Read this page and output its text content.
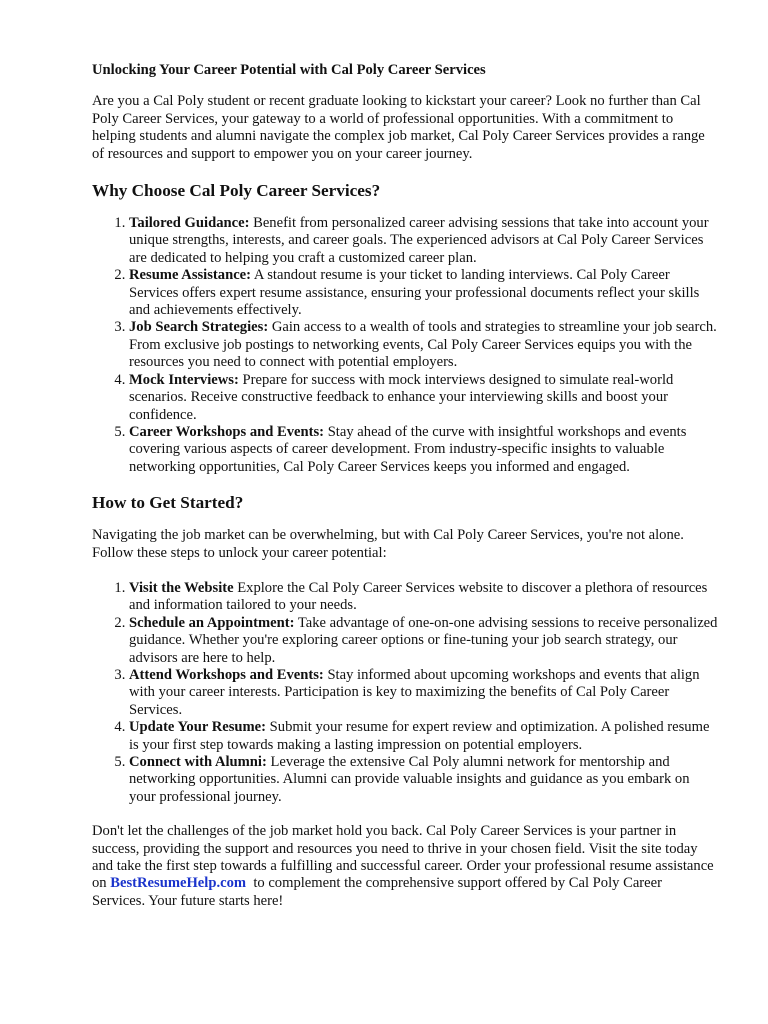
Unlocking Your Career Potential with Cal Poly Career Services

Are you a Cal Poly student or recent graduate looking to kickstart your career? Look no further than Cal Poly Career Services, your gateway to a world of professional opportunities. With a commitment to helping students and alumni navigate the complex job market, Cal Poly Career Services provides a range of resources and support to empower you on your career journey.

Why Choose Cal Poly Career Services?
1. Tailored Guidance: Benefit from personalized career advising sessions that take into account your unique strengths, interests, and career goals. The experienced advisors at Cal Poly Career Services are dedicated to helping you craft a customized career plan.
2. Resume Assistance: A standout resume is your ticket to landing interviews. Cal Poly Career Services offers expert resume assistance, ensuring your professional documents reflect your skills and achievements effectively.
3. Job Search Strategies: Gain access to a wealth of tools and strategies to streamline your job search. From exclusive job postings to networking events, Cal Poly Career Services equips you with the resources you need to connect with potential employers.
4. Mock Interviews: Prepare for success with mock interviews designed to simulate real-world scenarios. Receive constructive feedback to enhance your interviewing skills and boost your confidence.
5. Career Workshops and Events: Stay ahead of the curve with insightful workshops and events covering various aspects of career development. From industry-specific insights to valuable networking opportunities, Cal Poly Career Services keeps you informed and engaged.
How to Get Started?

Navigating the job market can be overwhelming, but with Cal Poly Career Services, you're not alone. Follow these steps to unlock your career potential:

1. Visit the Website Explore the Cal Poly Career Services website to discover a plethora of resources and information tailored to your needs.
2. Schedule an Appointment: Take advantage of one-on-one advising sessions to receive personalized guidance. Whether you're exploring career options or fine-tuning your job search strategy, our advisors are here to help.
3. Attend Workshops and Events: Stay informed about upcoming workshops and events that align with your career interests. Participation is key to maximizing the benefits of Cal Poly Career Services.
4. Update Your Resume: Submit your resume for expert review and optimization. A polished resume is your first step towards making a lasting impression on potential employers.
5. Connect with Alumni: Leverage the extensive Cal Poly alumni network for mentorship and networking opportunities. Alumni can provide valuable insights and guidance as you embark on your professional journey.

Don't let the challenges of the job market hold you back. Cal Poly Career Services is your partner in success, providing the support and resources you need to thrive in your chosen field. Visit the site today and take the first step towards a fulfilling and successful career. Order your professional resume assistance on BestResumeHelp.com  to complement the comprehensive support offered by Cal Poly Career Services. Your future starts here!
